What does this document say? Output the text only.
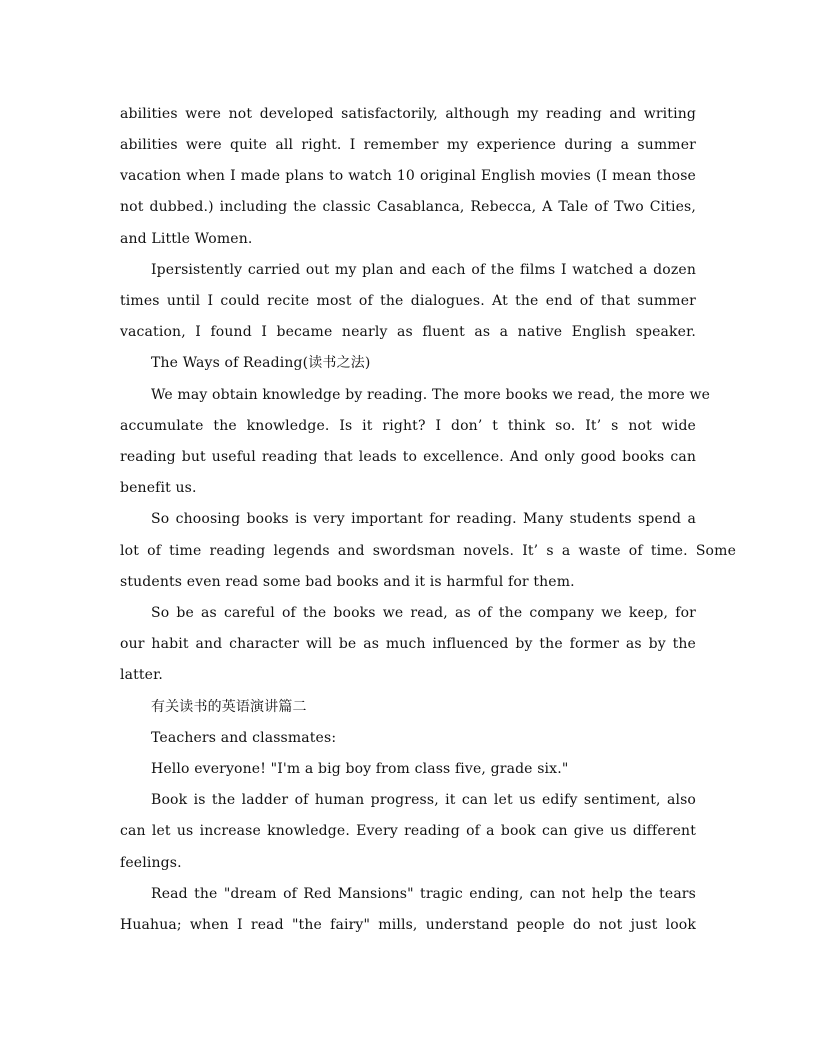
abilities were not developed satisfactorily, although my reading and writing
abilities were quite all right. I remember my experience during a summer
vacation when I made plans to watch 10 original English movies (I mean those
not dubbed.) including the classic Casablanca, Rebecca, A Tale of Two Cities,
and Little Women.
Ipersistently carried out my plan and each of the films I watched a dozen
times until I could recite most of the dialogues. At the end of that summer
vacation, I found I became nearly as fluent as a native English speaker.
The Ways of Reading(读书之法)
We may obtain knowledge by reading. The more books we read, the more we
accumulate the knowledge. Is it right? I don’ t think so. It’ s not wide
reading but useful reading that leads to excellence. And only good books can
benefit us.
So choosing books is very important for reading. Many students spend a
lot of time reading legends and swordsman novels. It’ s a waste of time. Some
students even read some bad books and it is harmful for them.
So be as careful of the books we read, as of the company we keep, for
our habit and character will be as much influenced by the former as by the
latter.
有关读书的英语演讲篇二
Teachers and classmates:
Hello everyone! "I'm a big boy from class five, grade six."
Book is the ladder of human progress, it can let us edify sentiment, also
can let us increase knowledge. Every reading of a book can give us different
feelings.
Read the "dream of Red Mansions" tragic ending, can not help the tears
Huahua; when I read "the fairy" mills, understand people do not just look
